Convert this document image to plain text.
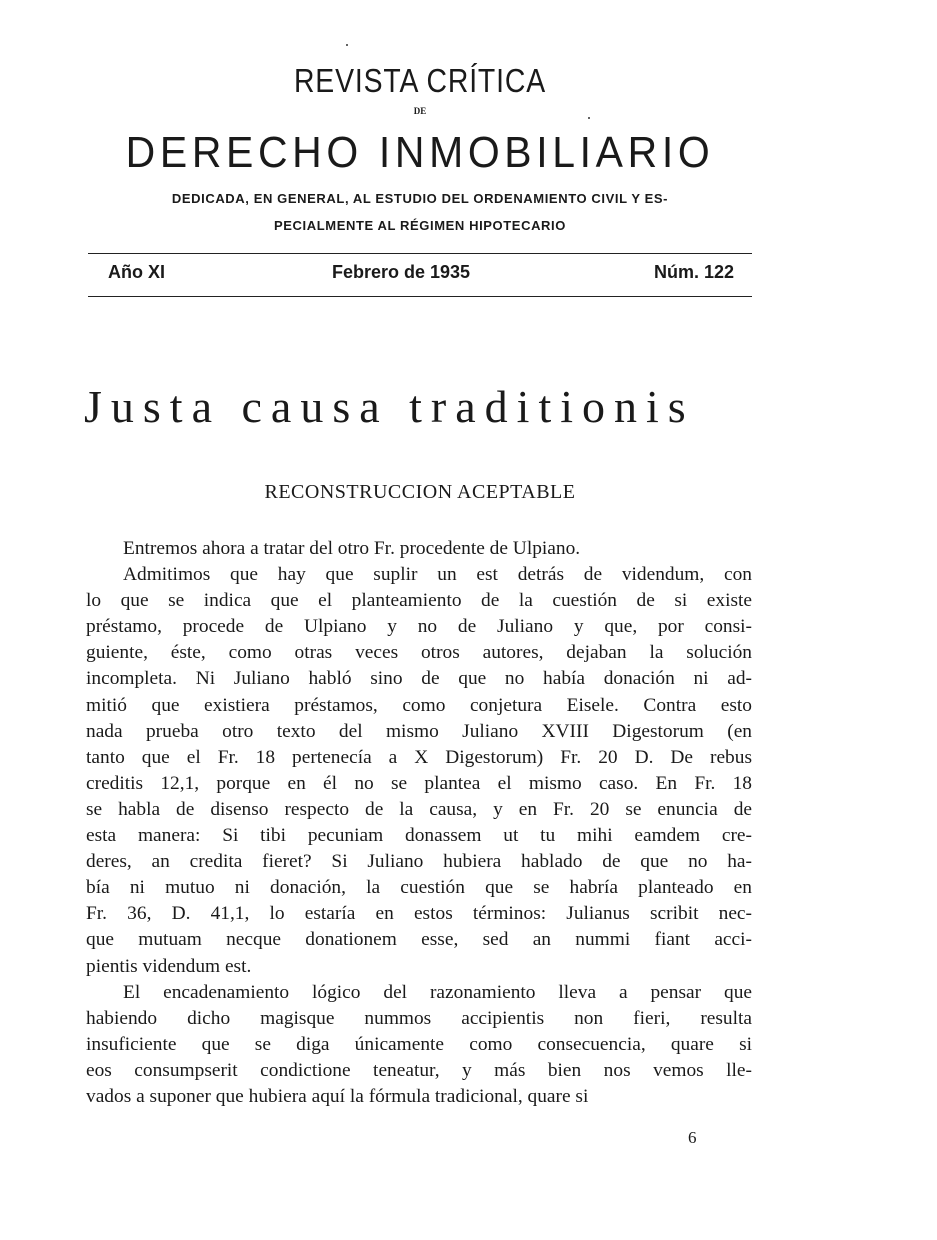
REVISTA CRÍTICA
DE
DERECHO INMOBILIARIO
DEDICADA, EN GENERAL, AL ESTUDIO DEL ORDENAMIENTO CIVIL Y ES-
PECIALMENTE AL RÉGIMEN HIPOTECARIO
Año XI	Febrero de 1935	Núm. 122
Justa causa traditionis
RECONSTRUCCION ACEPTABLE
Entremos ahora a tratar del otro Fr. procedente de Ulpiano.
Admitimos que hay que suplir un est detrás de videndum, con
lo que se indica que el planteamiento de la cuestión de si existe
préstamo, procede de Ulpiano y no de Juliano y que, por consi-
guiente, éste, como otras veces otros autores, dejaban la solución
incompleta. Ni Juliano habló sino de que no había donación ni ad-
mitió que existiera préstamos, como conjetura Eisele. Contra esto
nada prueba otro texto del mismo Juliano XVIII Digestorum (en
tanto que el Fr. 18 pertenecía a X Digestorum) Fr. 20 D. De rebus
creditis 12,1, porque en él no se plantea el mismo caso. En Fr. 18
se habla de disenso respecto de la causa, y en Fr. 20 se enuncia de
esta manera: Si tibi pecuniam donassem ut tu mihi eamdem cre-
deres, an credita fieret? Si Juliano hubiera hablado de que no ha-
bía ni mutuo ni donación, la cuestión que se habría planteado en
Fr. 36, D. 41,1, lo estaría en estos términos: Julianus scribit nec-
que mutuam necque donationem esse, sed an nummi fiant acci-
pientis videndum est.
El encadenamiento lógico del razonamiento lleva a pensar que
habiendo dicho magisque nummos accipientis non fieri, resulta
insuficiente que se diga únicamente como consecuencia, quare si
eos consumpserit condictione teneatur, y más bien nos vemos lle-
vados a suponer que hubiera aquí la fórmula tradicional, quare si
6
